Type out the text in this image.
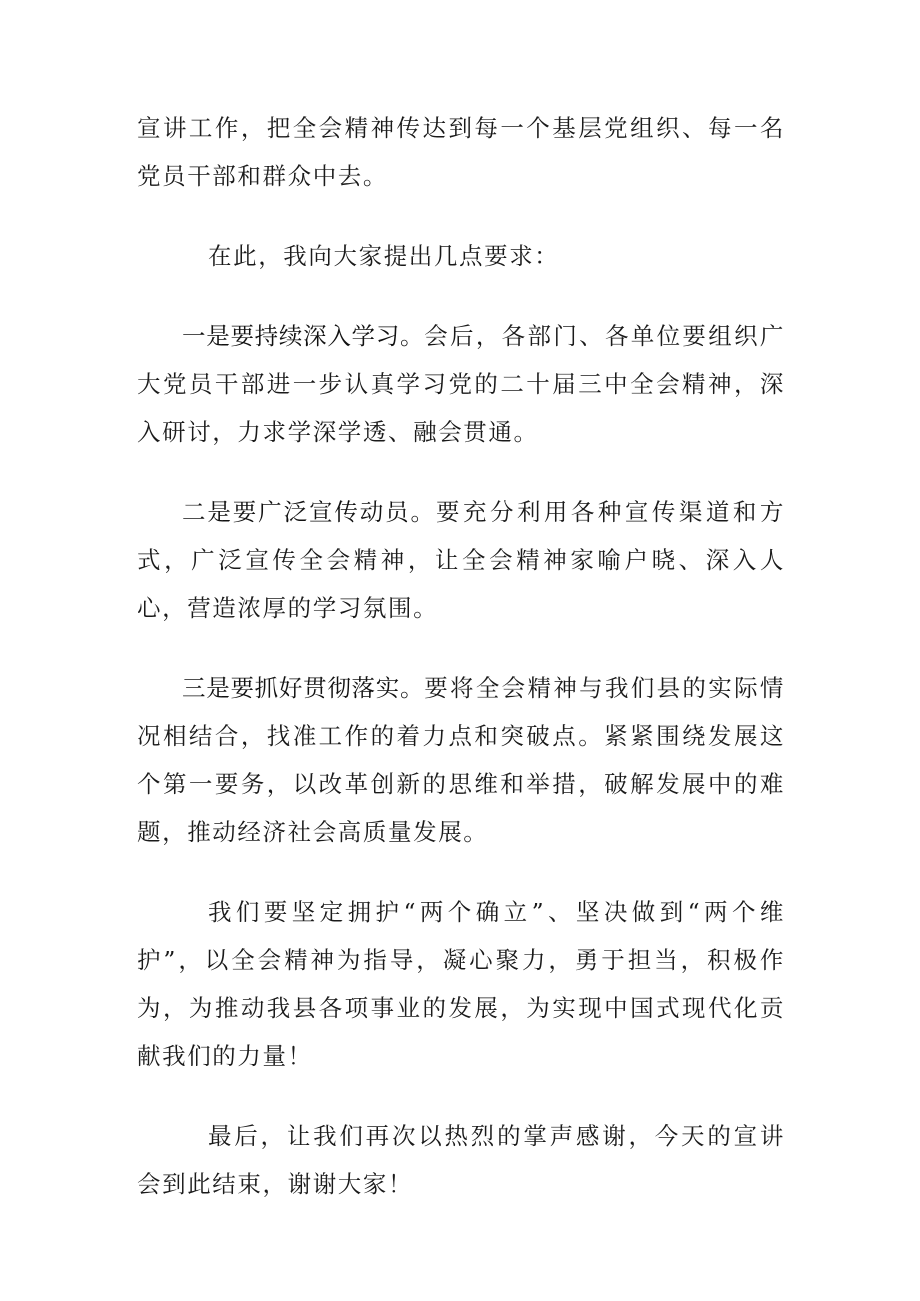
宣讲工作，把全会精神传达到每一个基层党组织、每一名党员干部和群众中去。

在此，我向大家提出几点要求：

一是要持续深入学习。会后，各部门、各单位要组织广大党员干部进一步认真学习党的二十届三中全会精神，深入研讨，力求学深学透、融会贯通。

二是要广泛宣传动员。要充分利用各种宣传渠道和方式，广泛宣传全会精神，让全会精神家喻户晓、深入人心，营造浓厚的学习氛围。

三是要抓好贯彻落实。要将全会精神与我们县的实际情况相结合，找准工作的着力点和突破点。紧紧围绕发展这个第一要务，以改革创新的思维和举措，破解发展中的难题，推动经济社会高质量发展。

我们要坚定拥护“两个确立”、坚决做到“两个维护”，以全会精神为指导，凝心聚力，勇于担当，积极作为，为推动我县各项事业的发展，为实现中国式现代化贡献我们的力量！

最后，让我们再次以热烈的掌声感谢，今天的宣讲会到此结束，谢谢大家！
